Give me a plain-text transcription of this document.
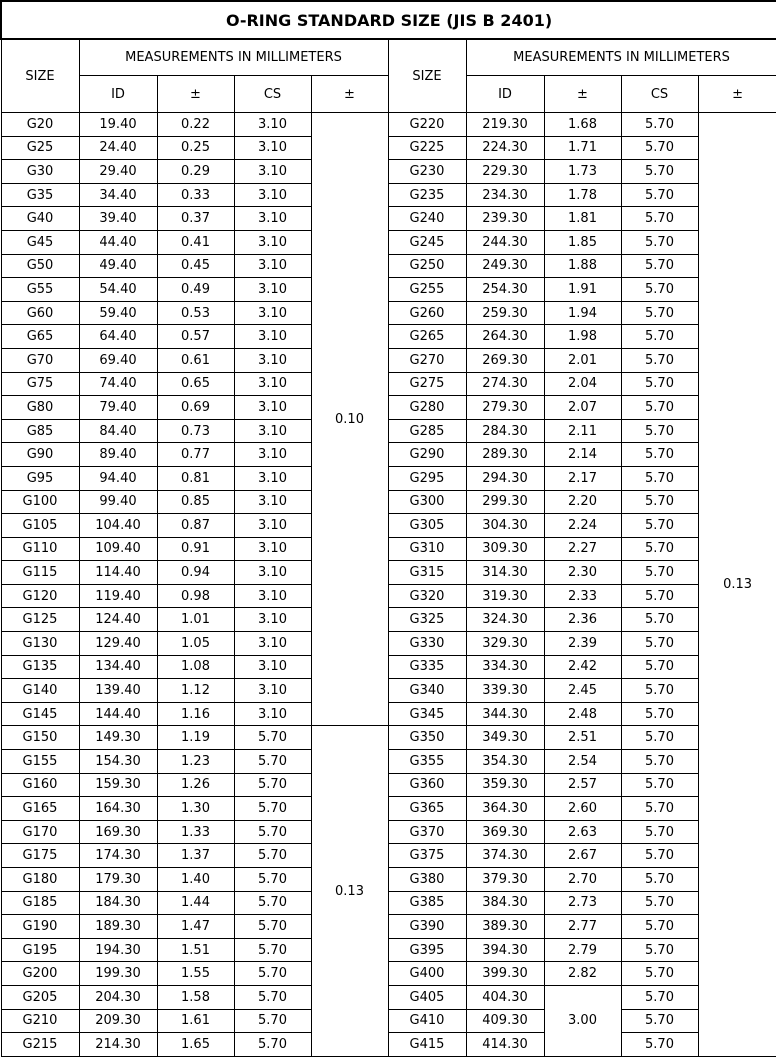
O-RING STANDARD SIZE (JIS B 2401)									
SIZE	MEASUREMENTS IN MILLIMETERS				SIZE	MEASUREMENTS IN MILLIMETERS			
	ID	±	CS	±		ID	±	CS	±
G20	19.40	0.22	3.10	0.10	G220	219.30	1.68	5.70	0.13
G25	24.40	0.25	3.10		G225	224.30	1.71	5.70	
G30	29.40	0.29	3.10		G230	229.30	1.73	5.70	
G35	34.40	0.33	3.10		G235	234.30	1.78	5.70	
G40	39.40	0.37	3.10		G240	239.30	1.81	5.70	
G45	44.40	0.41	3.10		G245	244.30	1.85	5.70	
G50	49.40	0.45	3.10		G250	249.30	1.88	5.70	
G55	54.40	0.49	3.10		G255	254.30	1.91	5.70	
G60	59.40	0.53	3.10		G260	259.30	1.94	5.70	
G65	64.40	0.57	3.10		G265	264.30	1.98	5.70	
G70	69.40	0.61	3.10		G270	269.30	2.01	5.70	
G75	74.40	0.65	3.10		G275	274.30	2.04	5.70	
G80	79.40	0.69	3.10		G280	279.30	2.07	5.70	
G85	84.40	0.73	3.10		G285	284.30	2.11	5.70	
G90	89.40	0.77	3.10		G290	289.30	2.14	5.70	
G95	94.40	0.81	3.10		G295	294.30	2.17	5.70	
G100	99.40	0.85	3.10		G300	299.30	2.20	5.70	
G105	104.40	0.87	3.10		G305	304.30	2.24	5.70	
G110	109.40	0.91	3.10		G310	309.30	2.27	5.70	
G115	114.40	0.94	3.10		G315	314.30	2.30	5.70	
G120	119.40	0.98	3.10		G320	319.30	2.33	5.70	
G125	124.40	1.01	3.10		G325	324.30	2.36	5.70	
G130	129.40	1.05	3.10		G330	329.30	2.39	5.70	
G135	134.40	1.08	3.10		G335	334.30	2.42	5.70	
G140	139.40	1.12	3.10		G340	339.30	2.45	5.70	
G145	144.40	1.16	3.10		G345	344.30	2.48	5.70	
G150	149.30	1.19	5.70	0.13	G350	349.30	2.51	5.70	
G155	154.30	1.23	5.70		G355	354.30	2.54	5.70	
G160	159.30	1.26	5.70		G360	359.30	2.57	5.70	
G165	164.30	1.30	5.70		G365	364.30	2.60	5.70	
G170	169.30	1.33	5.70		G370	369.30	2.63	5.70	
G175	174.30	1.37	5.70		G375	374.30	2.67	5.70	
G180	179.30	1.40	5.70		G380	379.30	2.70	5.70	
G185	184.30	1.44	5.70		G385	384.30	2.73	5.70	
G190	189.30	1.47	5.70		G390	389.30	2.77	5.70	
G195	194.30	1.51	5.70		G395	394.30	2.79	5.70	
G200	199.30	1.55	5.70		G400	399.30	2.82	5.70	
G205	204.30	1.58	5.70		G405	404.30	3.00	5.70	
G210	209.30	1.61	5.70		G410	409.30		5.70	
G215	214.30	1.65	5.70		G415	414.30		5.70	
